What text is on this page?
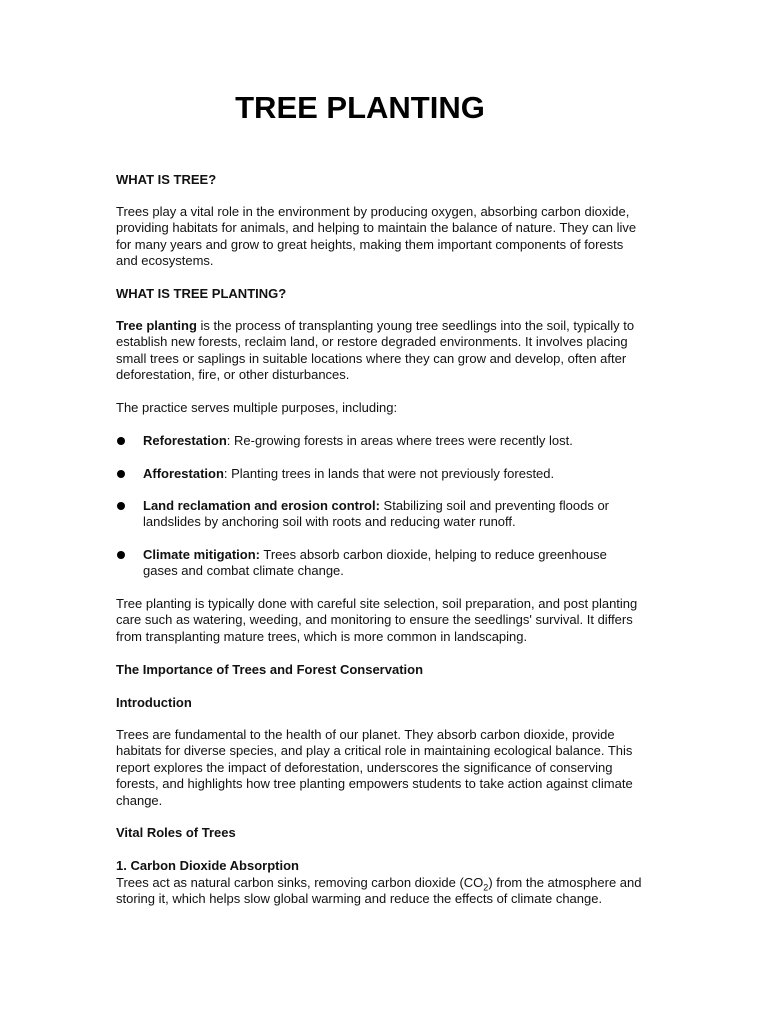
TREE PLANTING
WHAT IS TREE?

Trees play a vital role in the environment by producing oxygen, absorbing carbon dioxide, providing habitats for animals, and helping to maintain the balance of nature. They can live for many years and grow to great heights, making them important components of forests and ecosystems.

WHAT IS TREE PLANTING?

Tree planting is the process of transplanting young tree seedlings into the soil, typically to establish new forests, reclaim land, or restore degraded environments. It involves placing small trees or saplings in suitable locations where they can grow and develop, often after deforestation, fire, or other disturbances.

The practice serves multiple purposes, including:

Reforestation: Re-growing forests in areas where trees were recently lost.
Afforestation: Planting trees in lands that were not previously forested.
Land reclamation and erosion control: Stabilizing soil and preventing floods or landslides by anchoring soil with roots and reducing water runoff.
Climate mitigation: Trees absorb carbon dioxide, helping to reduce greenhouse gases and combat climate change.

Tree planting is typically done with careful site selection, soil preparation, and post planting care such as watering, weeding, and monitoring to ensure the seedlings' survival. It differs from transplanting mature trees, which is more common in landscaping.

The Importance of Trees and Forest Conservation
Introduction

Trees are fundamental to the health of our planet. They absorb carbon dioxide, provide habitats for diverse species, and play a critical role in maintaining ecological balance. This report explores the impact of deforestation, underscores the significance of conserving forests, and highlights how tree planting empowers students to take action against climate change.

Vital Roles of Trees
1. Carbon Dioxide Absorption

Trees act as natural carbon sinks, removing carbon dioxide $(CO_2)$ from the atmosphere and storing it, which helps slow global warming and reduce the effects of climate change.
